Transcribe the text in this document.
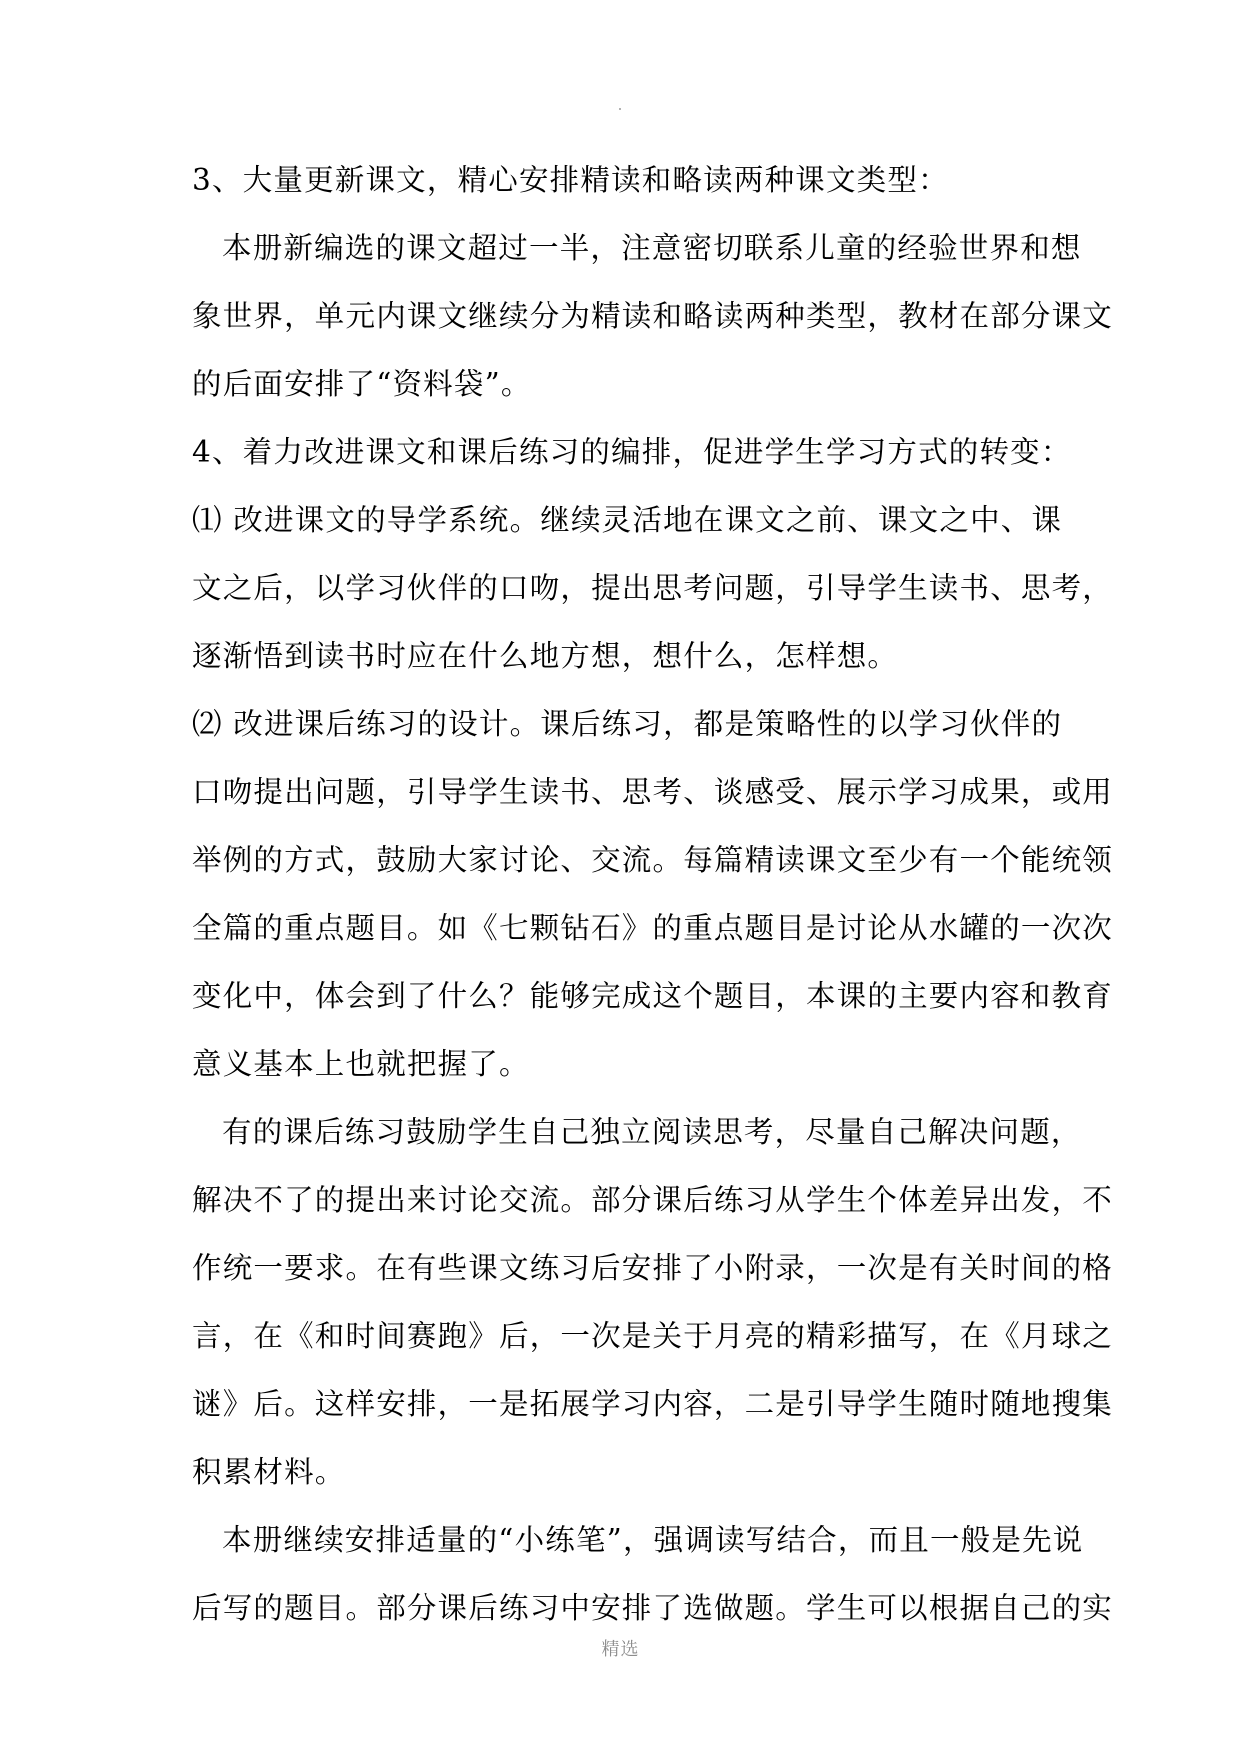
3、大量更新课文，精心安排精读和略读两种课文类型：
本册新编选的课文超过一半，注意密切联系儿童的经验世界和想
象世界，单元内课文继续分为精读和略读两种类型，教材在部分课文
的后面安排了“资料袋”。
4、着力改进课文和课后练习的编排，促进学生学习方式的转变：
⑴ 改进课文的导学系统。继续灵活地在课文之前、课文之中、课
文之后，以学习伙伴的口吻，提出思考问题，引导学生读书、思考，
逐渐悟到读书时应在什么地方想，想什么，怎样想。
⑵ 改进课后练习的设计。课后练习，都是策略性的以学习伙伴的
口吻提出问题，引导学生读书、思考、谈感受、展示学习成果，或用
举例的方式，鼓励大家讨论、交流。每篇精读课文至少有一个能统领
全篇的重点题目。如《七颗钻石》的重点题目是讨论从水罐的一次次
变化中，体会到了什么？能够完成这个题目，本课的主要内容和教育
意义基本上也就把握了。
有的课后练习鼓励学生自己独立阅读思考，尽量自己解决问题，
解决不了的提出来讨论交流。部分课后练习从学生个体差异出发，不
作统一要求。在有些课文练习后安排了小附录，一次是有关时间的格
言，在《和时间赛跑》后，一次是关于月亮的精彩描写，在《月球之
谜》后。这样安排，一是拓展学习内容，二是引导学生随时随地搜集
积累材料。
本册继续安排适量的“小练笔”，强调读写结合，而且一般是先说
后写的题目。部分课后练习中安排了选做题。学生可以根据自己的实
精选
